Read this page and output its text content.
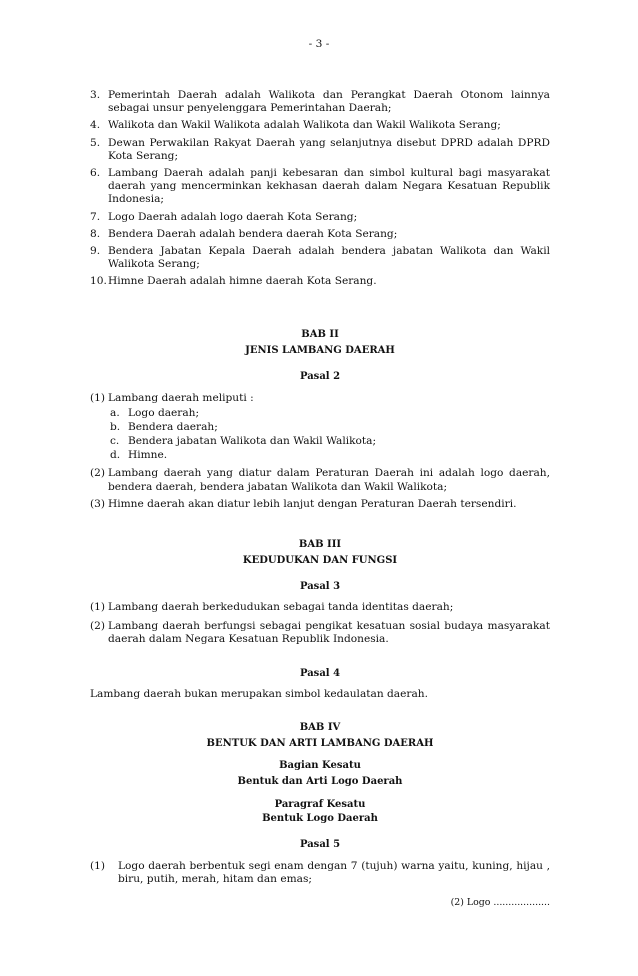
- 3 -
3. Pemerintah Daerah adalah Walikota dan Perangkat Daerah Otonom lainnya sebagai unsur penyelenggara Pemerintahan Daerah;
4. Walikota dan Wakil Walikota adalah Walikota dan Wakil Walikota Serang;
5. Dewan Perwakilan Rakyat Daerah yang selanjutnya disebut DPRD adalah DPRD Kota Serang;
6. Lambang Daerah adalah panji kebesaran dan simbol kultural bagi masyarakat daerah yang mencerminkan kekhasan daerah dalam Negara Kesatuan Republik Indonesia;
7. Logo Daerah adalah logo daerah Kota Serang;
8. Bendera Daerah adalah bendera daerah Kota Serang;
9. Bendera Jabatan Kepala Daerah adalah bendera jabatan Walikota dan Wakil Walikota Serang;
10. Himne Daerah adalah himne daerah Kota Serang.
BAB II
JENIS LAMBANG DAERAH
Pasal 2
(1) Lambang daerah meliputi :
a. Logo daerah;
b. Bendera daerah;
c. Bendera jabatan Walikota dan Wakil Walikota;
d. Himne.
(2) Lambang daerah yang diatur dalam Peraturan Daerah ini adalah logo daerah, bendera daerah, bendera jabatan Walikota dan Wakil Walikota;
(3) Himne daerah akan diatur lebih lanjut dengan Peraturan Daerah tersendiri.
BAB III
KEDUDUKAN DAN FUNGSI
Pasal 3
(1) Lambang daerah berkedudukan sebagai tanda identitas daerah;
(2) Lambang daerah berfungsi sebagai pengikat kesatuan sosial budaya masyarakat daerah dalam Negara Kesatuan Republik Indonesia.
Pasal 4
Lambang daerah bukan merupakan simbol kedaulatan daerah.
BAB IV
BENTUK DAN ARTI LAMBANG DAERAH
Bagian Kesatu
Bentuk dan Arti Logo Daerah
Paragraf Kesatu
Bentuk Logo Daerah
Pasal 5
(1)	Logo daerah berbentuk segi enam dengan 7 (tujuh) warna yaitu, kuning, hijau , biru, putih, merah, hitam dan emas;
(2) Logo ...................
